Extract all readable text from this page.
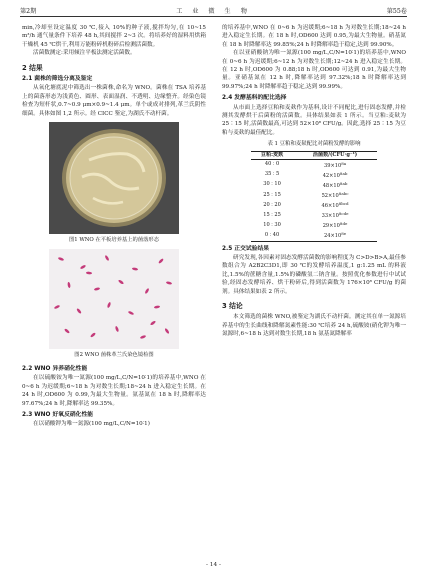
第2期	工 业 微 生 物	第55卷

min,冷却至设定温度 30 ℃,接入 10%的种子液,搅拌均匀,在 10~15 m³/h 通气量条件下培养 48 h,其间搅拌 2~3 次。将培养好的湿料用烘箱干燥机 45 ℃烘干,利用万能粉碎机粉碎后检测活菌数。

活菌数测定:采用倾注平板法测定活菌数。

2 结果
2.1 菌株的筛选分离及鉴定

从氧化塘底泥中筛选出一株菌株,命名为 WNO。菌株在 TSA 培养基上的菌落形态为浅黄色、圆形、表面湿润、不透明、边缘整齐。经染色镜检查为短杆状,0.7~0.9 μm×0.9~1.4 μm。单个或成对排列,革兰氏阴性细菌。具体如图 1,2 所示。经 CICC 鉴定,为湖氏不动杆菌。

图1 WNO 在平板培养基上的菌落形态
图2 WNO 菌株革兰氏染色镜检图
2.2 WNO 异养硝化性能

在以硫酸铵为唯一氮源(100 mg/L,C/N=10∶1)的培养基中,WNO 在 0~6 h 为迟缓期;6~18 h 为对数生长期;18~24 h 进入稳定生长期。在 24 h 时,OD600 为 0.99,为最大生物量。氨基氮在 18 h 时,降解率达 97.67%;24 h 时,降解率达 99.35%。

2.3 WNO 好氧反硝化性能

在以硝酸钾为唯一氮源(100 mg/L,C/N=10∶1)

的培养基中,WNO 在 0~6 h 为迟缓期;6~18 h 为对数生长期;18~24 h 进入稳定生长期。在 18 h 时,OD600 达到 0.95,为最大生物量。硝基氮在 18 h 时降解率达 99.85%;24 h 时降解率趋于稳定,达到 99.90%。

在以亚硝酸钠为唯一氮源(100 mg/L,C/N=10∶1)的培养基中,WNO 在 0~6 h 为迟缓期;6~12 h 为对数生长期;12~24 h 进入稳定生长期。在 12 h 时,OD600 为 0.88;18 h 时,OD600 可达到 0.91,为最大生物量。亚硝基氮在 12 h 时,降解率达到 97.32%;18 h 时降解率达到 99.97%;24 h 时降解率趋于稳定,达到 99.99%。

2.4 发酵基料的配比选择

从市面上选择豆粕和麦麸作为基料,设计不同配比,进行固态发酵,并检测其发酵烘干后菌粉的活菌数。具体结果如表 1 所示。当豆粕:麦麸为 25∶15 时,活菌数最高,可达到 52×10⁸ CFU/g。因此,选择 25∶15 为豆粕与麦麸的最佳配比。

表 1 豆粕和麦麸配比对菌粉发酵的影响
豆粕:麦麸	活菌数/(CFU·g⁻¹)
40 ∶ 0	$39\times 10^{8a}$
35 ∶ 5	$42\times 10^{8ab}$
30 ∶ 10	$48\times 10^{8ab}$
25 ∶ 15	$52\times 10^{8abc}$
20 ∶ 20	$46\times 10^{8bcd}$
15 ∶ 25	$33\times 10^{8cde}$
10 ∶ 30	$29\times 10^{8de}$
0 ∶ 40	$24\times 10^{8e}$
2.5 正交试验结果

研究发现,各因素对固态发酵活菌数的影响程度为 C>D>B>A,最佳参数组合为 A2B2C3D1,即 30 ℃的发酵培养温度,1 g:1.25 mL 的料液比,1.5%的蔗糖含量,1.5%的磷酸氢二钠含量。按照优化参数进行中试试验,经固态发酵培养、烘干粉碎后,得到活菌数为 176×10⁸ CFU/g 的菌剂。具体结果如表 2 所示。

3 结论

本文筛选的菌株 WNO,被鉴定为湖氏不动杆菌。测定其在单一氮源培养基中的生长曲线和降解氮素性能:30 ℃培养 24 h,硫酸铵(硝化钾为唯一氮源时,6~18 h 达到对数生长期,18 h 氨基氮降解率

- 14 -
